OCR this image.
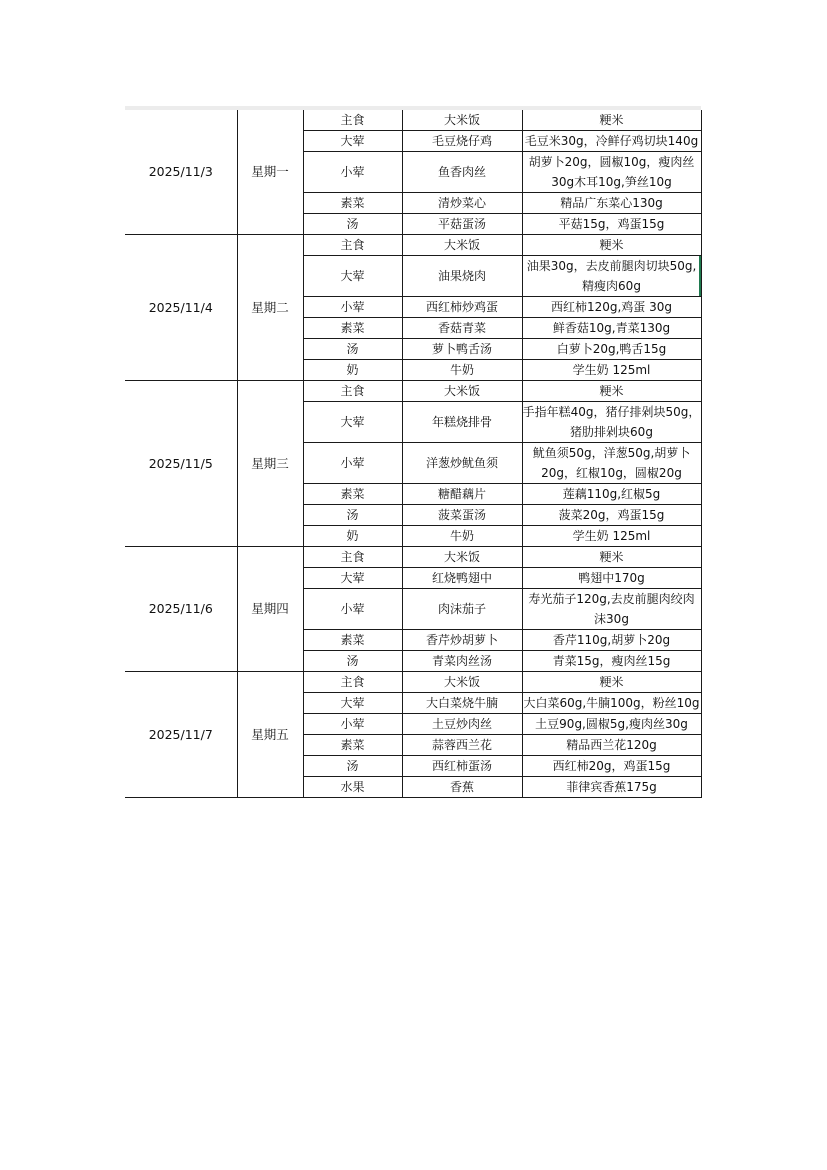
2025/11/3	星期一	主食	大米饭	粳米
		大荤	毛豆烧仔鸡	毛豆米30g，冷鲜仔鸡切块140g
		小荤	鱼香肉丝	胡萝卜20g，圆椒10g，瘦肉丝30g木耳10g,笋丝10g
		素菜	清炒菜心	精品广东菜心130g
		汤	平菇蛋汤	平菇15g，鸡蛋15g
2025/11/4	星期二	主食	大米饭	粳米
		大荤	油果烧肉	油果30g，去皮前腿肉切块50g,精瘦肉60g
		小荤	西红柿炒鸡蛋	西红柿120g,鸡蛋 30g
		素菜	香菇青菜	鲜香菇10g,青菜130g
		汤	萝卜鸭舌汤	白萝卜20g,鸭舌15g
		奶	牛奶	学生奶 125ml
2025/11/5	星期三	主食	大米饭	粳米
		大荤	年糕烧排骨	手指年糕40g，猪仔排剁块50g，猪肋排剁块60g
		小荤	洋葱炒鱿鱼须	鱿鱼须50g，洋葱50g,胡萝卜20g，红椒10g，圆椒20g
		素菜	糖醋藕片	莲藕110g,红椒5g
		汤	菠菜蛋汤	菠菜20g，鸡蛋15g
		奶	牛奶	学生奶 125ml
2025/11/6	星期四	主食	大米饭	粳米
		大荤	红烧鸭翅中	鸭翅中170g
		小荤	肉沫茄子	寿光茄子120g,去皮前腿肉绞肉沫30g
		素菜	香芹炒胡萝卜	香芹110g,胡萝卜20g
		汤	青菜肉丝汤	青菜15g，瘦肉丝15g
2025/11/7	星期五	主食	大米饭	粳米
		大荤	大白菜烧牛腩	大白菜60g,牛腩100g，粉丝10g
		小荤	土豆炒肉丝	土豆90g,圆椒5g,瘦肉丝30g
		素菜	蒜蓉西兰花	精品西兰花120g
		汤	西红柿蛋汤	西红柿20g，鸡蛋15g
		水果	香蕉	菲律宾香蕉175g
